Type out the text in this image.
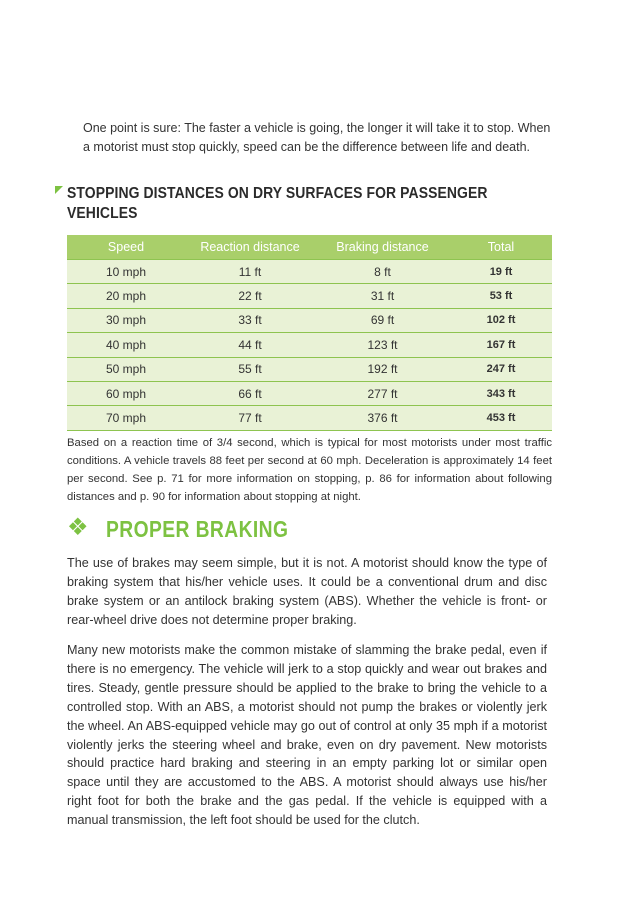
One point is sure: The faster a vehicle is going, the longer it will take it to stop. When a motorist must stop quickly, speed can be the difference between life and death.

STOPPING DISTANCES ON DRY SURFACES FOR PASSENGER VEHICLES
Speed	Reaction distance	Braking distance	Total
10 mph	11 ft	8 ft	19 ft
20 mph	22 ft	31 ft	53 ft
30 mph	33 ft	69 ft	102 ft
40 mph	44 ft	123 ft	167 ft
50 mph	55 ft	192 ft	247 ft
60 mph	66 ft	277 ft	343 ft
70 mph	77 ft	376 ft	453 ft

Based on a reaction time of 3/4 second, which is typical for most motorists under most traffic conditions. A vehicle travels 88 feet per second at 60 mph. Deceleration is approximately 14 feet per second. See p. 71 for more information on stopping, p. 86 for information about following distances and p. 90 for information about stopping at night.

❖ PROPER BRAKING

The use of brakes may seem simple, but it is not. A motorist should know the type of braking system that his/her vehicle uses. It could be a conventional drum and disc brake system or an antilock braking system (ABS). Whether the vehicle is front- or rear-wheel drive does not determine proper braking.

Many new motorists make the common mistake of slamming the brake pedal, even if there is no emergency. The vehicle will jerk to a stop quickly and wear out brakes and tires. Steady, gentle pressure should be applied to the brake to bring the vehicle to a controlled stop. With an ABS, a motorist should not pump the brakes or violently jerk the wheel. An ABS-equipped vehicle may go out of control at only 35 mph if a motorist violently jerks the steering wheel and brake, even on dry pavement. New motorists should practice hard braking and steering in an empty parking lot or similar open space until they are accustomed to the ABS. A motorist should always use his/her right foot for both the brake and the gas pedal. If the vehicle is equipped with a manual transmission, the left foot should be used for the clutch.
